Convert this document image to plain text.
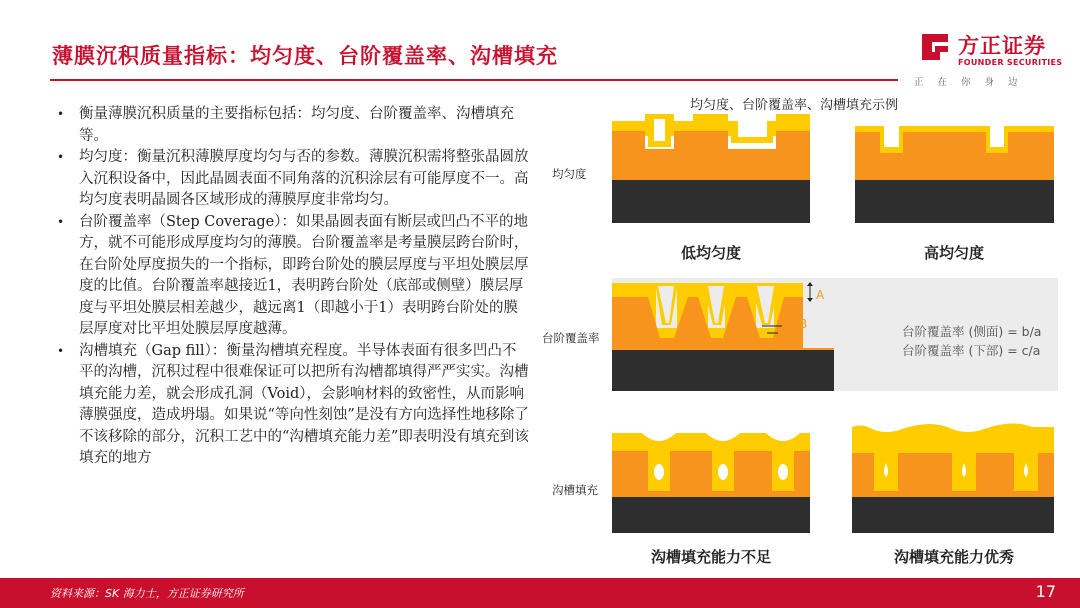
薄膜沉积质量指标：均匀度、台阶覆盖率、沟槽填充	方正证券
FOUNDER SECURITIES
正在你身边
• 衡量薄膜沉积质量的主要指标包括：均匀度、台阶覆盖率、沟槽填充等。
• 均匀度：衡量沉积薄膜厚度均匀与否的参数。薄膜沉积需将整张晶圆放入沉积设备中，因此晶圆表面不同角落的沉积涂层有可能厚度不一。高均匀度表明晶圆各区域形成的薄膜厚度非常均匀。
• 台阶覆盖率（Step Coverage）：如果晶圆表面有断层或凹凸不平的地方，就不可能形成厚度均匀的薄膜。台阶覆盖率是考量膜层跨台阶时，在台阶处厚度损失的一个指标，即跨台阶处的膜层厚度与平坦处膜层厚度的比值。台阶覆盖率越接近1，表明跨台阶处（底部或侧壁）膜层厚度与平坦处膜层相差越少，越远离1（即越小于1）表明跨台阶处的膜层厚度对比平坦处膜层厚度越薄。
• 沟槽填充（Gap fill）：衡量沟槽填充程度。半导体表面有很多凹凸不平的沟槽，沉积过程中很难保证可以把所有沟槽都填得严严实实。沟槽填充能力差，就会形成孔洞（Void），会影响材料的致密性，从而影响薄膜强度，造成坍塌。如果说“等向性刻蚀”是没有方向选择性地移除了不该移除的部分，沉积工艺中的“沟槽填充能力差”即表明没有填充到该填充的地方
均匀度、台阶覆盖率、沟槽填充示例
均匀度
台阶覆盖率
沟槽填充
A
B
C
低均匀度	高均匀度
沟槽填充能力不足	沟槽填充能力优秀
台阶覆盖率 (侧面) = b/a
台阶覆盖率 (下部) = c/a
资料来源：SK 海力士，方正证券研究所	17
